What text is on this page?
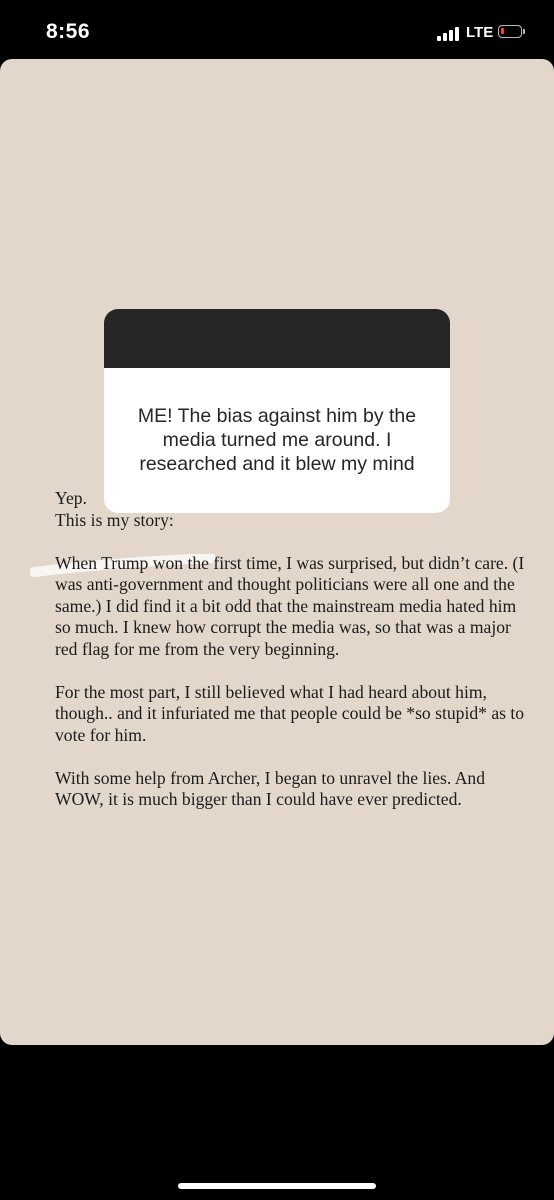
8:56	LTE
ME! The bias against him by the media turned me around. I researched and it blew my mind

Yep.

This is my story:

When Trump won the first time, I was surprised, but didn’t care. (I was anti-government and thought politicians were all one and the same.) I did find it a bit odd that the mainstream media hated him so much. I knew how corrupt the media was, so that was a major red flag for me from the very beginning.

For the most part, I still believed what I had heard about him, though.. and it infuriated me that people could be *so stupid* as to vote for him.

With some help from Archer, I began to unravel the lies. And WOW, it is much bigger than I could have ever predicted.
